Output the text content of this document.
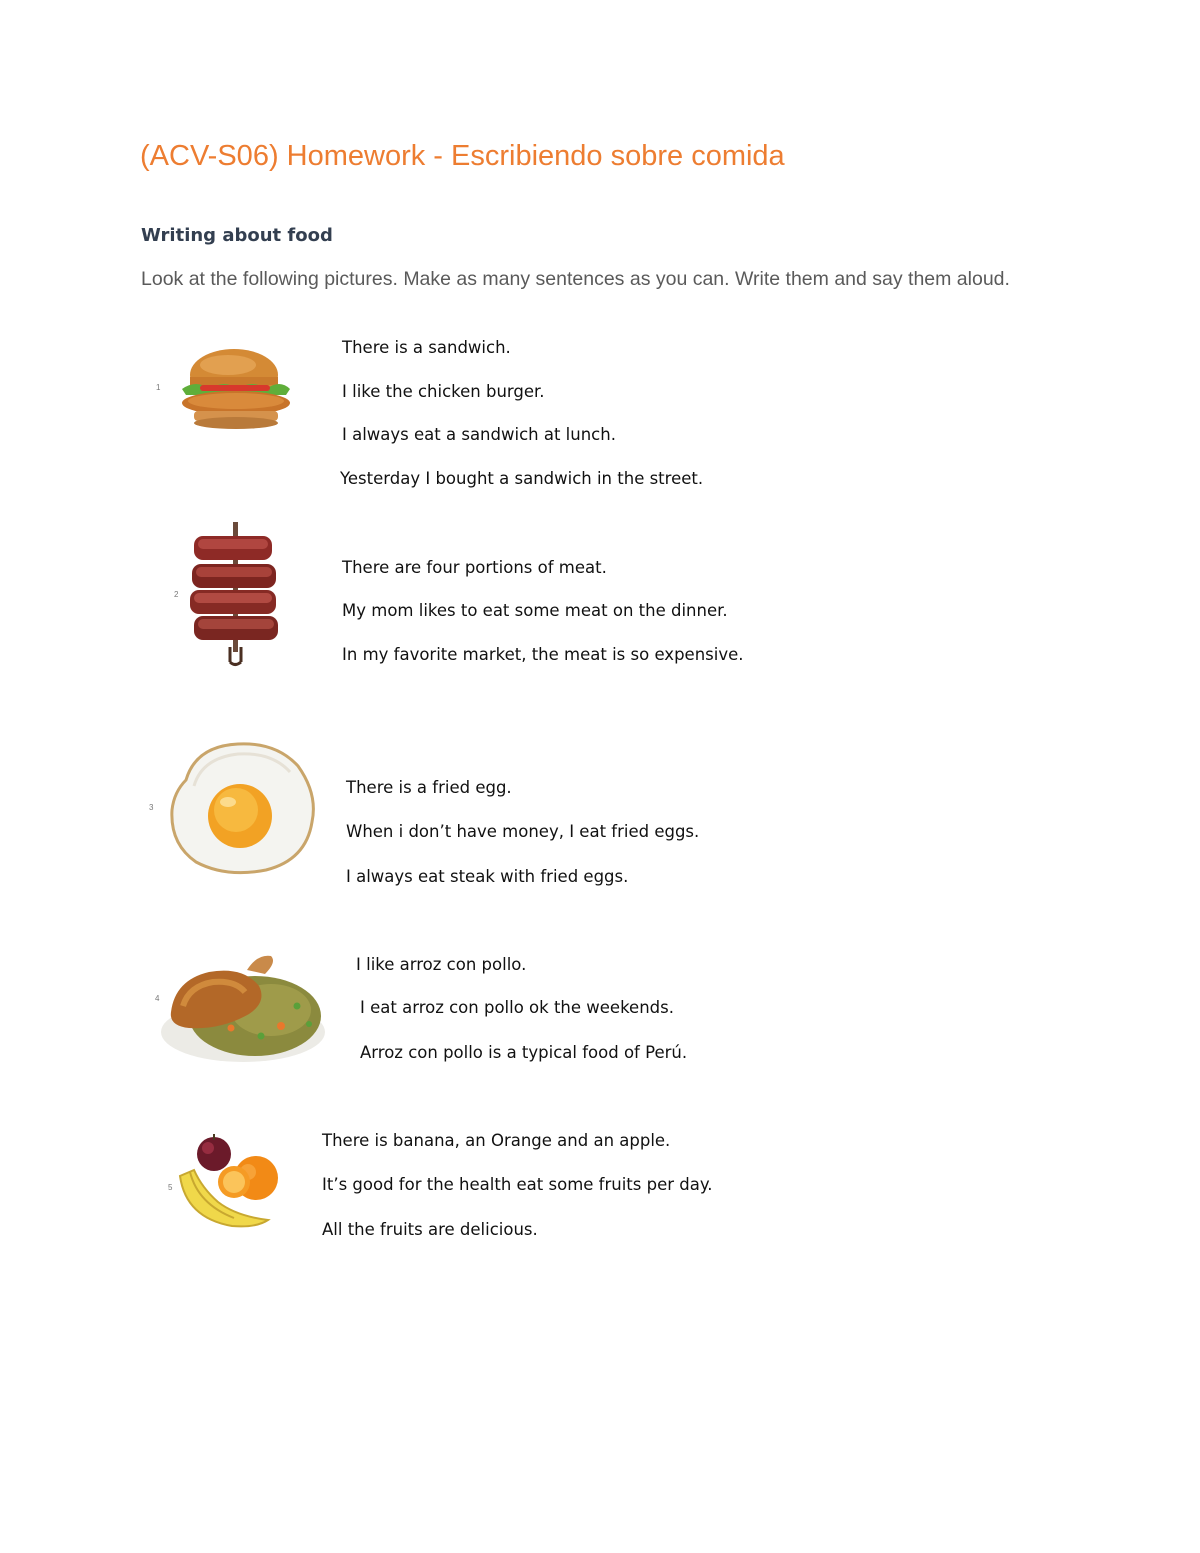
(ACV-S06) Homework - Escribiendo sobre comida
Writing about food
Look at the following pictures. Make as many sentences as you can. Write them and say them aloud.
1
There is a sandwich.
I like the chicken burger.
I always eat a sandwich at lunch.
Yesterday I bought a sandwich in the street.
2
There are four portions of meat.
My mom likes to eat some meat on the dinner.
In my favorite market, the meat is so expensive.
3
There is a fried egg.
When i don’t have money, I eat fried eggs.
I always eat steak with fried eggs.
4
I like arroz con pollo.
I eat arroz con pollo ok the weekends.
Arroz con pollo is a typical food of Perú.
5
There is banana, an Orange and an apple.
It’s good for the health eat some fruits per day.
All the fruits are delicious.
